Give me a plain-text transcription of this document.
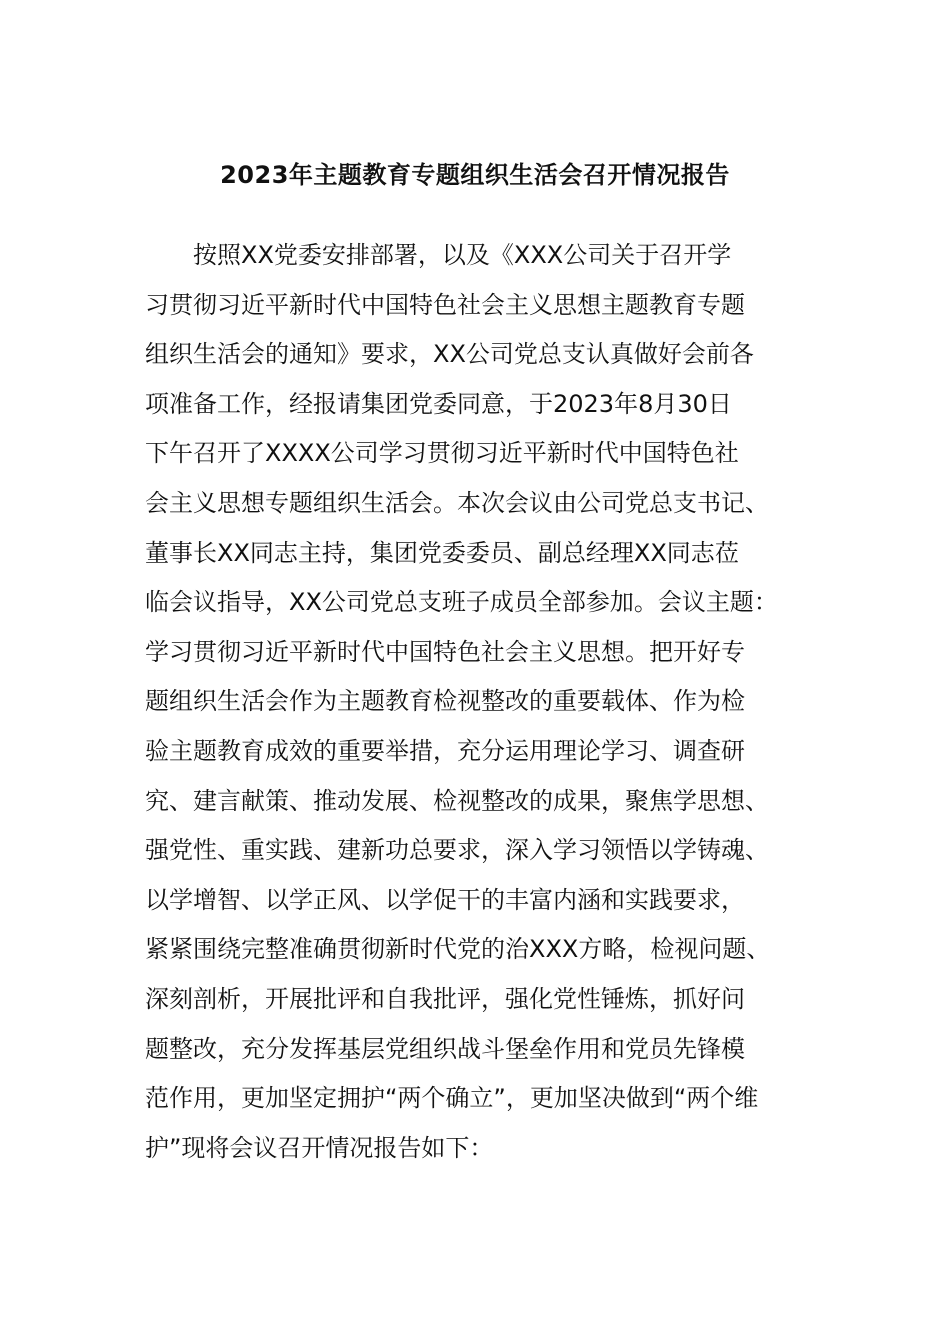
2023年主题教育专题组织生活会召开情况报告
按照XX党委安排部署，以及《XXX公司关于召开学
习贯彻习近平新时代中国特色社会主义思想主题教育专题
组织生活会的通知》要求，XX公司党总支认真做好会前各
项准备工作，经报请集团党委同意，于2023年8月30日
下午召开了XXXX公司学习贯彻习近平新时代中国特色社
会主义思想专题组织生活会。本次会议由公司党总支书记、
董事长XX同志主持，集团党委委员、副总经理XX同志莅
临会议指导，XX公司党总支班子成员全部参加。会议主题：
学习贯彻习近平新时代中国特色社会主义思想。把开好专
题组织生活会作为主题教育检视整改的重要载体、作为检
验主题教育成效的重要举措，充分运用理论学习、调查研
究、建言献策、推动发展、检视整改的成果，聚焦学思想、
强党性、重实践、建新功总要求，深入学习领悟以学铸魂、
以学增智、以学正风、以学促干的丰富内涵和实践要求，
紧紧围绕完整准确贯彻新时代党的治XXX方略，检视问题、
深刻剖析，开展批评和自我批评，强化党性锤炼，抓好问
题整改，充分发挥基层党组织战斗堡垒作用和党员先锋模
范作用，更加坚定拥护“两个确立”，更加坚决做到“两个维
护”现将会议召开情况报告如下：
